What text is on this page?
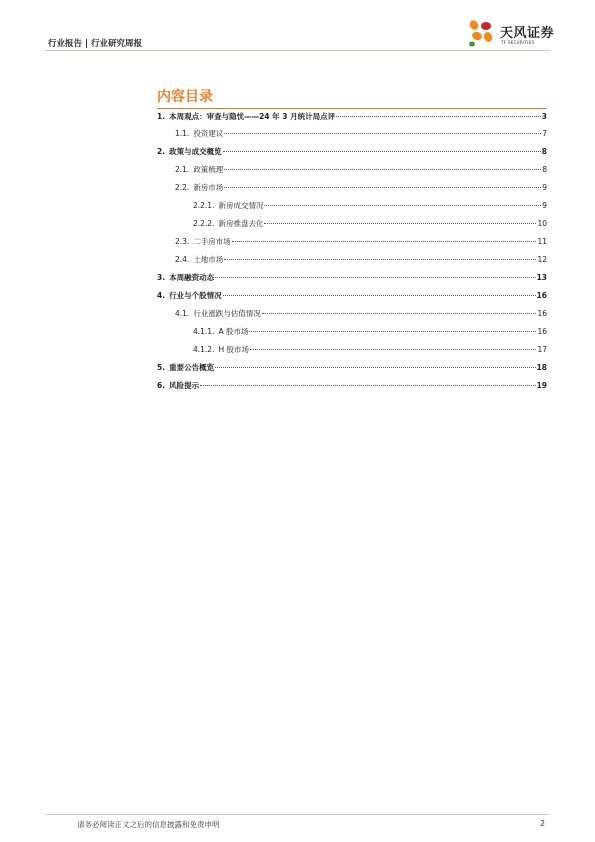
行业报告 | 行业研究周报
天风证券
TF SECURITIES
内容目录
1. 本周观点：审查与隐忧——24 年 3 月统计局点评	3
1.1. 投资建议	7
2. 政策与成交概览	8
2.1. 政策梳理	8
2.2. 新房市场	9
2.2.1. 新房成交情况	9
2.2.2. 新房推盘去化	10
2.3. 二手房市场	11
2.4. 土地市场	12
3. 本周融资动态	13
4. 行业与个股情况	16
4.1. 行业涨跌与估值情况	16
4.1.1. A 股市场	16
4.1.2. H 股市场	17
5. 重要公告概览	18
6. 风险提示	19
请务必阅读正文之后的信息披露和免责申明	2
